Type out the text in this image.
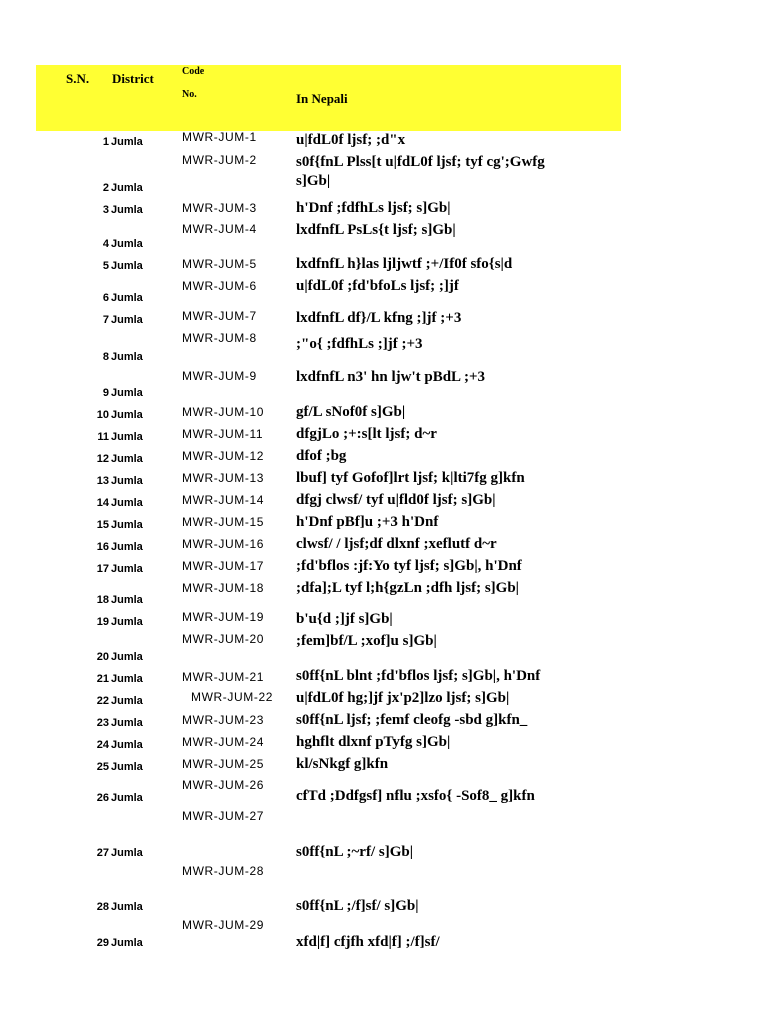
S.N. District	Code
No.	In Nepali
1 Jumla
2 Jumla
3 Jumla
4 Jumla
5 Jumla
6 Jumla
7 Jumla
8 Jumla
9 Jumla
10 Jumla
11 Jumla
12 Jumla
13 Jumla
14 Jumla
15 Jumla
16 Jumla
17 Jumla
18 Jumla
19 Jumla
20 Jumla
21 Jumla
22 Jumla
23 Jumla
24 Jumla
25 Jumla
26 Jumla
27 Jumla
28 Jumla
29 Jumla
MWR-JUM-1
MWR-JUM-2
MWR-JUM-3
MWR-JUM-4
MWR-JUM-5
MWR-JUM-6
MWR-JUM-7
MWR-JUM-8
MWR-JUM-9
MWR-JUM-10
MWR-JUM-11
MWR-JUM-12
MWR-JUM-13
MWR-JUM-14
MWR-JUM-15
MWR-JUM-16
MWR-JUM-17
MWR-JUM-18
MWR-JUM-19
MWR-JUM-20
MWR-JUM-21
MWR-JUM-22
MWR-JUM-23
MWR-JUM-24
MWR-JUM-25
MWR-JUM-26
MWR-JUM-27
MWR-JUM-28
MWR-JUM-29
u|fdL0f ljsf; ;d"x
s0f{fnL Plss[t u|fdL0f ljsf; tyf cg';Gwfg
s]Gb|
h'Dnf ;fdfhLs ljsf; s]Gb|
lxdfnfL PsLs{t ljsf; s]Gb|
lxdfnfL h}las ljljwtf ;+/If0f sfo{s|d
u|fdL0f ;fd'bfoLs ljsf; ;]jf
lxdfnfL df}/L kfng ;]jf ;+3
;"o{ ;fdfhLs ;]jf ;+3
lxdfnfL n3' hn ljw't pBdL ;+3
gf/L sNof0f s]Gb|
dfgjLo ;+:s[lt ljsf; d~r
dfof ;bg
lbuf] tyf Gofof]lrt ljsf; k|lti7fg g]kfn
dfgj clwsf/ tyf u|fld0f ljsf; s]Gb|
h'Dnf pBf]u ;+3 h'Dnf
clwsf/ / ljsf;df dlxnf ;xeflutf d~r
;fd'bflos :jf:Yo tyf ljsf; s]Gb|, h'Dnf
;dfa];L tyf l;h{gzLn ;dfh ljsf; s]Gb|
b'u{d ;]jf s]Gb|
;fem]bf/L ;xof]u s]Gb|
s0ff{nL blnt ;fd'bflos ljsf; s]Gb|, h'Dnf
u|fdL0f hg;]jf jx'p2]lzo ljsf; s]Gb|
s0ff{nL ljsf; ;femf cleofg -sbd g]kfn_
hghflt dlxnf pTyfg s]Gb|
kl/sNkgf g]kfn
cfTd ;Ddfgsf] nflu ;xsfo{ -Sof8_ g]kfn
s0ff{nL ;~rf/ s]Gb|
s0ff{nL ;/f]sf/ s]Gb|
xfd|f] cfjfh xfd|f] ;/f]sf/
